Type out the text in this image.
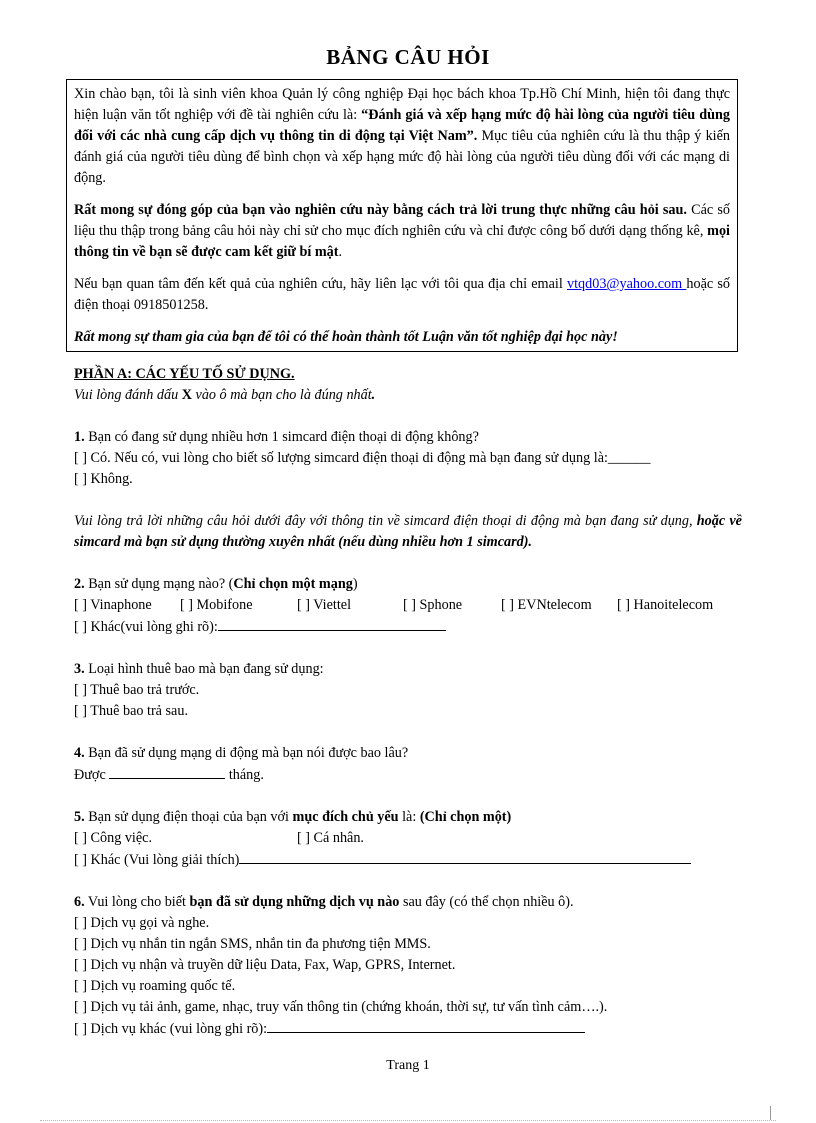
BẢNG CÂU HỎI

Xin chào bạn, tôi là sinh viên khoa Quản lý công nghiệp Đại học bách khoa Tp.Hồ Chí Minh, hiện tôi đang thực hiện luận văn tốt nghiệp với đề tài nghiên cứu là: “Đánh giá và xếp hạng mức độ hài lòng của người tiêu dùng đối với các nhà cung cấp dịch vụ thông tin di động tại Việt Nam”. Mục tiêu của nghiên cứu là thu thập ý kiến đánh giá của người tiêu dùng để bình chọn và xếp hạng mức độ hài lòng của người tiêu dùng đối với các mạng di động.

Rất mong sự đóng góp của bạn vào nghiên cứu này bằng cách trả lời trung thực những câu hỏi sau. Các số liệu thu thập trong bảng câu hỏi này chỉ sử cho mục đích nghiên cứu và chỉ được công bố dưới dạng thống kê, mọi thông tin về bạn sẽ được cam kết giữ bí mật.

Nếu bạn quan tâm đến kết quả của nghiên cứu, hãy liên lạc với tôi qua địa chỉ email vtqd03@yahoo.com hoặc số điện thoại 0918501258.

Rất mong sự tham gia của bạn để tôi có thể hoàn thành tốt Luận văn tốt nghiệp đại học này!

PHẦN A: CÁC YẾU TỐ SỬ DỤNG.
Vui lòng đánh dấu X vào ô mà bạn cho là đúng nhất.
1. Bạn có đang sử dụng nhiều hơn 1 simcard điện thoại di động không?
[ ] Có. Nếu có, vui lòng cho biết số lượng simcard điện thoại di động mà bạn đang sử dụng là:______
[ ] Không.
Vui lòng trả lời những câu hỏi dưới đây với thông tin về simcard điện thoại di động mà bạn đang sử dụng, hoặc về simcard mà bạn sử dụng thường xuyên nhất (nếu dùng nhiều hơn 1 simcard).
2. Bạn sử dụng mạng nào? (Chỉ chọn một mạng)
[ ] Vinaphone [ ] Mobifone	[ ] Viettel	[ ] Sphone	[ ] EVNtelecom [ ] Hanoitelecom
[ ] Khác(vui lòng ghi rõ):
3. Loại hình thuê bao mà bạn đang sử dụng:
[ ] Thuê bao trả trước.
[ ] Thuê bao trả sau.
4. Bạn đã sử dụng mạng di động mà bạn nói được bao lâu?
Được	tháng.
5. Bạn sử dụng điện thoại của bạn với mục đích chủ yếu là: (Chỉ chọn một)
[ ] Công việc.	[ ] Cá nhân.
[ ] Khác (Vui lòng giải thích)
6. Vui lòng cho biết bạn đã sử dụng những dịch vụ nào sau đây (có thể chọn nhiều ô).
[ ] Dịch vụ gọi và nghe.
[ ] Dịch vụ nhắn tin ngắn SMS, nhắn tin đa phương tiện MMS.
[ ] Dịch vụ nhận và truyền dữ liệu Data, Fax, Wap, GPRS, Internet.
[ ] Dịch vụ roaming quốc tế.
[ ] Dịch vụ tải ảnh, game, nhạc, truy vấn thông tin (chứng khoán, thời sự, tư vấn tình cảm….).
[ ] Dịch vụ khác (vui lòng ghi rõ):
Trang 1
